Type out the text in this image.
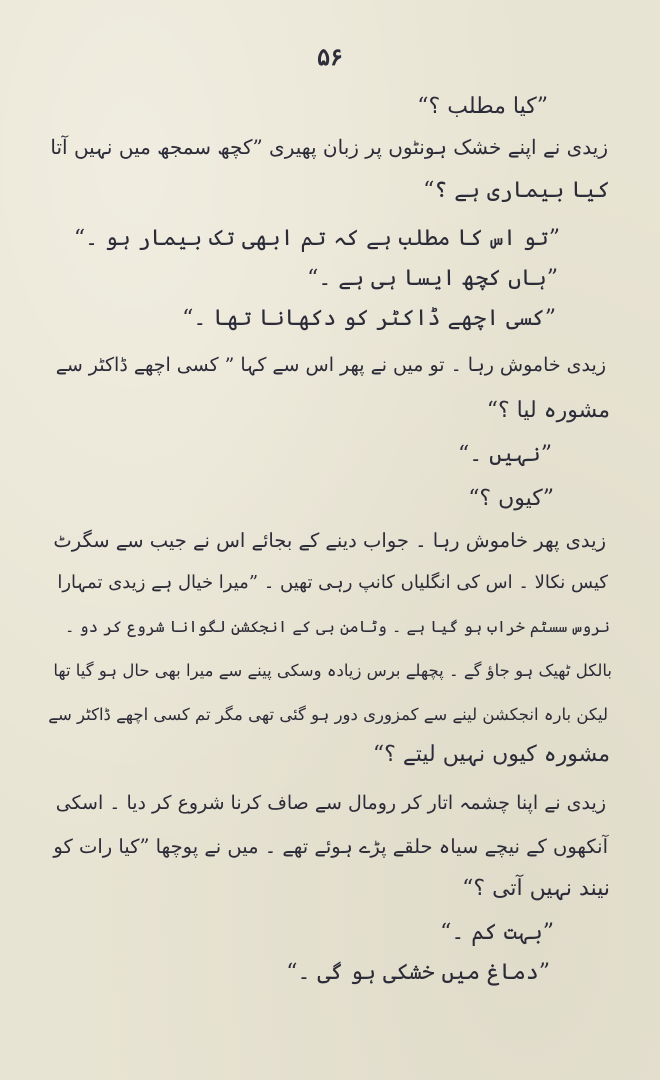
۵۶
”کیا مطلب ؟“
زیدی نے اپنے خشک ہونٹوں پر زبان پھیری ”کچھ سمجھ میں نہیں آتا
کیا بیماری ہے ؟“
”تو اس کا مطلب ہے کہ تم ابھی تک بیمار ہو ۔“
”ہاں کچھ ایسا ہی ہے ۔“
”کسی اچھے ڈاکٹر کو دکھانا تھا ۔“
زیدی خاموش رہا ۔ تو میں نے پھر اس سے کہا ” کسی اچھے ڈاکٹر سے
مشورہ لیا ؟“
”نہیں ۔“
”کیوں ؟“
زیدی پھر خاموش رہا ۔ جواب دینے کے بجائے اس نے جیب سے سگرٹ
کیس نکالا ۔ اس کی انگلیاں کانپ رہی تھیں ۔ ”میرا خیال ہے زیدی تمہارا
نروس سسٹم خراب ہو گیا ہے ۔ وٹامن بی کے انجکشن لگوانا شروع کر دو ۔
بالکل ٹھیک ہو جاؤ گے ۔ پچھلے برس زیادہ وسکی پینے سے میرا بھی حال ہو گیا تھا
لیکن بارہ انجکشن لینے سے کمزوری دور ہو گئی تھی مگر تم کسی اچھے ڈاکٹر سے
مشورہ کیوں نہیں لیتے ؟“
زیدی نے اپنا چشمہ اتار کر رومال سے صاف کرنا شروع کر دیا ۔ اسکی
آنکھوں کے نیچے سیاہ حلقے پڑے ہوئے تھے ۔ میں نے پوچھا ”کیا رات کو
نیند نہیں آتی ؟“
”بہت کم ۔“
”دماغ میں خشکی ہو گی ۔“
